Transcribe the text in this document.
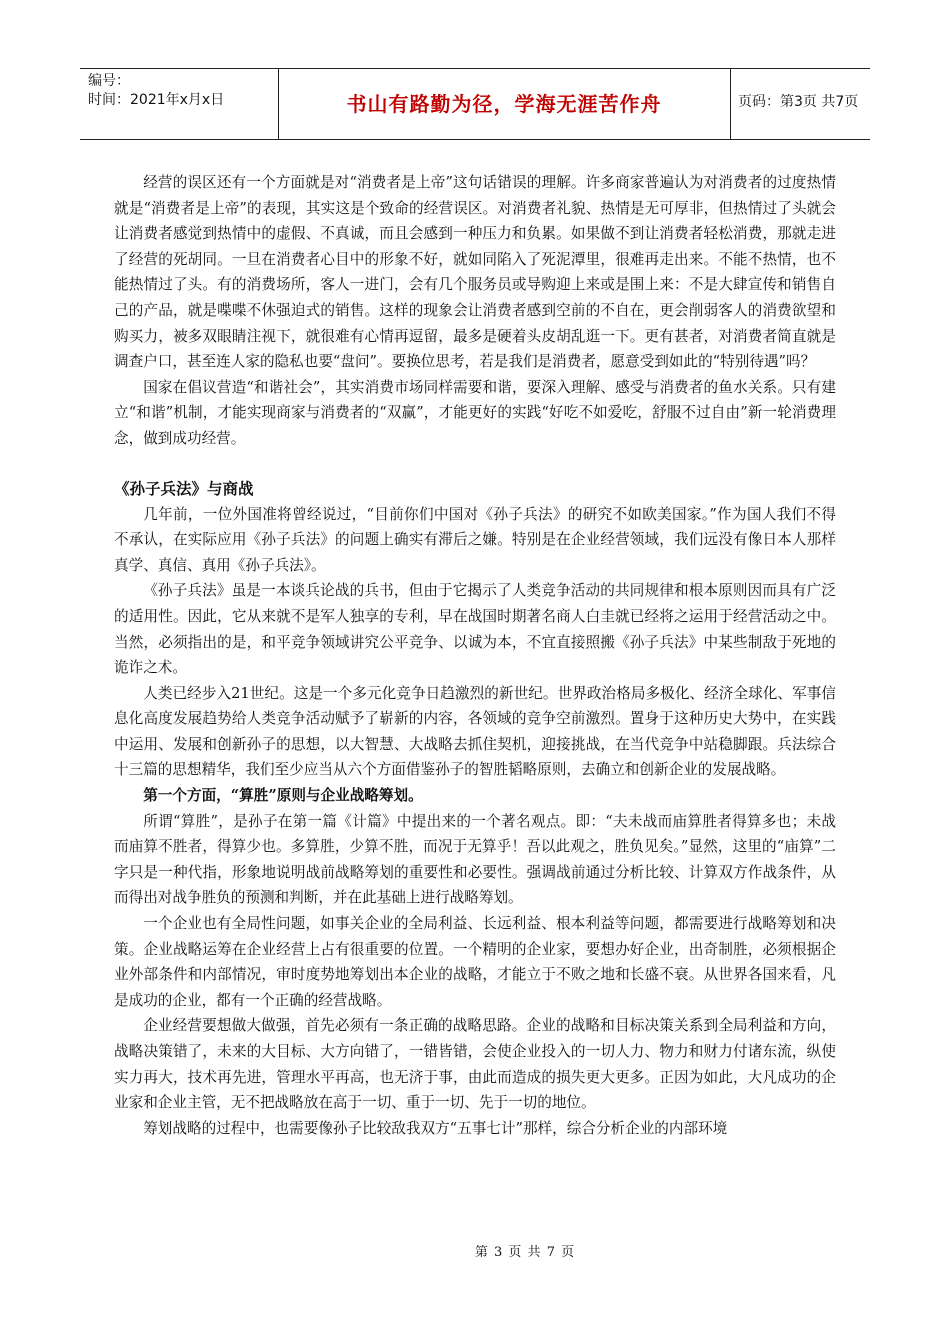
编号：
时间：2021年x月x日	书山有路勤为径，学海无涯苦作舟	页码：第3页 共7页

经营的误区还有一个方面就是对“消费者是上帝”这句话错误的理解。许多商家普遍认为对消费者的过度热情就是“消费者是上帝”的表现，其实这是个致命的经营误区。对消费者礼貌、热情是无可厚非，但热情过了头就会让消费者感觉到热情中的虚假、不真诚，而且会感到一种压力和负累。如果做不到让消费者轻松消费，那就走进了经营的死胡同。一旦在消费者心目中的形象不好，就如同陷入了死泥潭里，很难再走出来。不能不热情，也不能热情过了头。有的消费场所，客人一进门，会有几个服务员或导购迎上来或是围上来：不是大肆宣传和销售自己的产品，就是喋喋不休强迫式的销售。这样的现象会让消费者感到空前的不自在，更会削弱客人的消费欲望和购买力，被多双眼睛注视下，就很难有心情再逗留，最多是硬着头皮胡乱逛一下。更有甚者，对消费者简直就是调查户口，甚至连人家的隐私也要“盘问”。要换位思考，若是我们是消费者，愿意受到如此的“特别待遇”吗？

国家在倡议营造“和谐社会”，其实消费市场同样需要和谐，要深入理解、感受与消费者的鱼水关系。只有建立“和谐”机制，才能实现商家与消费者的“双赢”，才能更好的实践“好吃不如爱吃，舒服不过自由”新一轮消费理念，做到成功经营。

《孙子兵法》与商战

几年前，一位外国准将曾经说过，“目前你们中国对《孙子兵法》的研究不如欧美国家。”作为国人我们不得不承认，在实际应用《孙子兵法》的问题上确实有滞后之嫌。特别是在企业经营领域，我们远没有像日本人那样真学、真信、真用《孙子兵法》。

《孙子兵法》虽是一本谈兵论战的兵书，但由于它揭示了人类竞争活动的共同规律和根本原则因而具有广泛的适用性。因此，它从来就不是军人独享的专利，早在战国时期著名商人白圭就已经将之运用于经营活动之中。当然，必须指出的是，和平竞争领域讲究公平竞争、以诚为本，不宜直接照搬《孙子兵法》中某些制敌于死地的诡诈之术。

人类已经步入21世纪。这是一个多元化竞争日趋激烈的新世纪。世界政治格局多极化、经济全球化、军事信息化高度发展趋势给人类竞争活动赋予了崭新的内容，各领域的竞争空前激烈。置身于这种历史大势中，在实践中运用、发展和创新孙子的思想，以大智慧、大战略去抓住契机，迎接挑战，在当代竞争中站稳脚跟。兵法综合十三篇的思想精华，我们至少应当从六个方面借鉴孙子的智胜韬略原则，去确立和创新企业的发展战略。

第一个方面，“算胜”原则与企业战略筹划。

所谓“算胜”，是孙子在第一篇《计篇》中提出来的一个著名观点。即：“夫未战而庙算胜者得算多也；未战而庙算不胜者，得算少也。多算胜，少算不胜，而况于无算乎！吾以此观之，胜负见矣。”显然，这里的“庙算”二字只是一种代指，形象地说明战前战略筹划的重要性和必要性。强调战前通过分析比较、计算双方作战条件，从而得出对战争胜负的预测和判断，并在此基础上进行战略筹划。

一个企业也有全局性问题，如事关企业的全局利益、长远利益、根本利益等问题，都需要进行战略筹划和决策。企业战略运筹在企业经营上占有很重要的位置。一个精明的企业家，要想办好企业，出奇制胜，必须根据企业外部条件和内部情况，审时度势地筹划出本企业的战略，才能立于不败之地和长盛不衰。从世界各国来看，凡是成功的企业，都有一个正确的经营战略。

企业经营要想做大做强，首先必须有一条正确的战略思路。企业的战略和目标决策关系到全局利益和方向，战略决策错了，未来的大目标、大方向错了，一错皆错，会使企业投入的一切人力、物力和财力付诸东流，纵使实力再大，技术再先进，管理水平再高，也无济于事，由此而造成的损失更大更多。正因为如此，大凡成功的企业家和企业主管，无不把战略放在高于一切、重于一切、先于一切的地位。

筹划战略的过程中，也需要像孙子比较敌我双方“五事七计”那样，综合分析企业的内部环境

第 3 页 共 7 页
